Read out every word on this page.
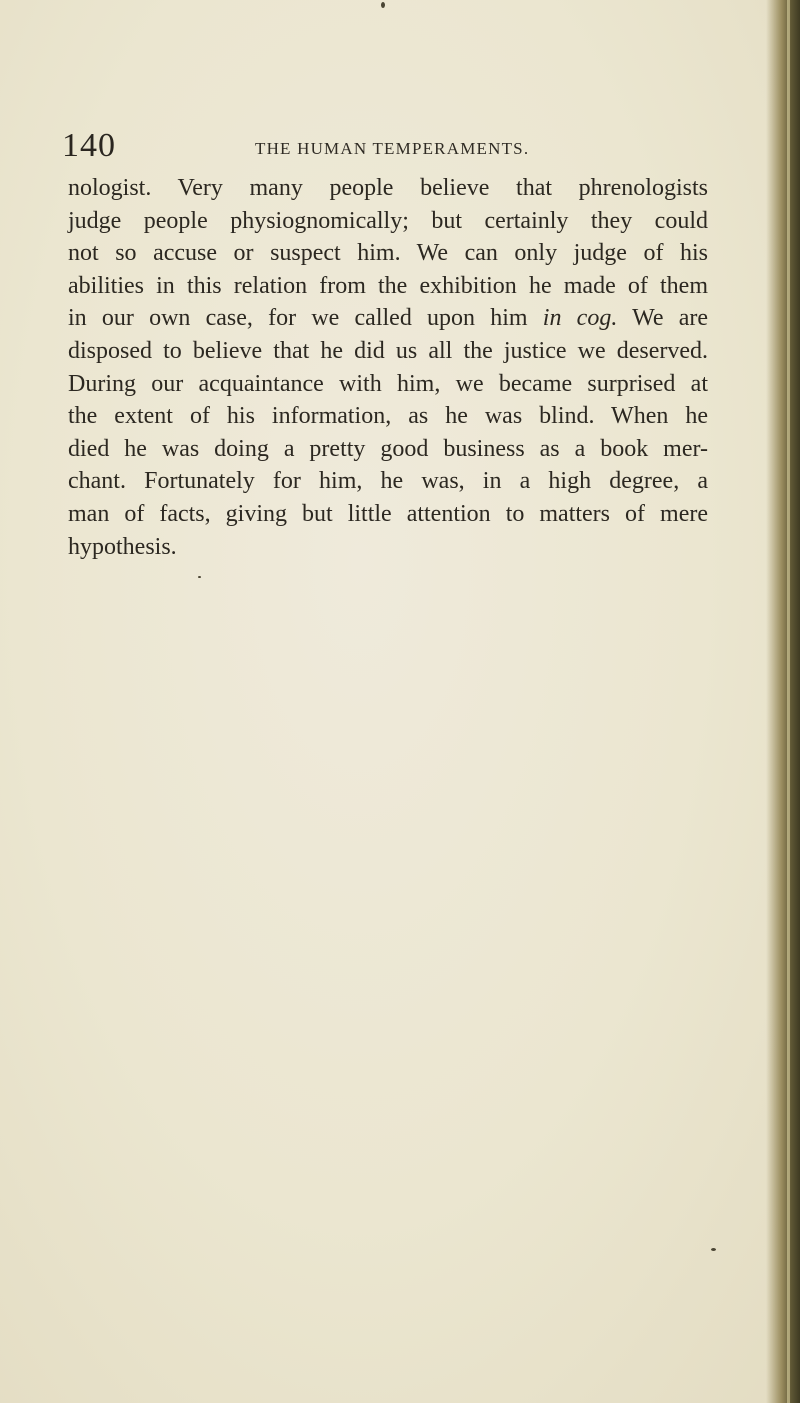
140	THE HUMAN TEMPERAMENTS.
nologist. Very many people believe that phrenologists
judge people physiognomically; but certainly they could
not so accuse or suspect him. We can only judge of his
abilities in this relation from the exhibition he made of them
in our own case, for we called upon him in cog. We are
disposed to believe that he did us all the justice we deserved.
During our acquaintance with him, we became surprised at
the extent of his information, as he was blind. When he
died he was doing a pretty good business as a book mer-
chant. Fortunately for him, he was, in a high degree, a
man of facts, giving but little attention to matters of mere
hypothesis.
